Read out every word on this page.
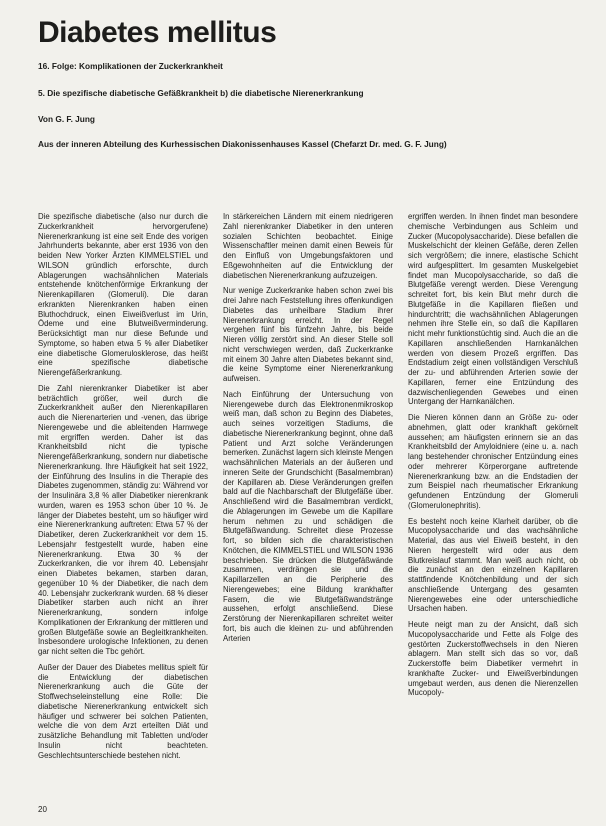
Diabetes mellitus

16. Folge: Komplikationen der Zuckerkrankheit

5. Die spezifische diabetische Gefäßkrankheit b) die diabetische Nierenerkrankung

Von G. F. Jung

Aus der inneren Abteilung des Kurhessischen Diakonissenhauses Kassel (Chefarzt Dr. med. G. F. Jung)

Die spezifische diabetische (also nur durch die Zuckerkrankheit hervorgerufene) Nierenerkrankung ist eine seit Ende des vorigen Jahrhunderts bekannte, aber erst 1936 von den beiden New Yorker Ärzten KIMMELSTIEL und WILSON gründlich erforschte, durch Ablagerungen wachsähnlichen Materials entstehende knötchenförmige Erkrankung der Nierenkapillaren (Glomeruli). Die daran erkrankten Nierenkranken haben einen Bluthochdruck, einen Eiweißverlust im Urin, Ödeme und eine Blutweißverminderung. Berücksichtigt man nur diese Befunde und Symptome, so haben etwa 5 % aller Diabetiker eine diabetische Glomerulosklerose, das heißt eine spezifische diabetische Nierengefäßerkrankung.

Die Zahl nierenkranker Diabetiker ist aber beträchtlich größer, weil durch die Zuckerkrankheit außer den Nierenkapillaren auch die Nierenarterien und -venen, das übrige Nierengewebe und die ableitenden Harnwege mit ergriffen werden. Daher ist das Krankheitsbild nicht die typische Nierengefäßerkrankung, sondern nur diabetische Nierenerkrankung. Ihre Häufigkeit hat seit 1922, der Einführung des Insulins in die Therapie des Diabetes zugenommen, ständig zu: Während vor der Insulinära 3,8 % aller Diabetiker nierenkrank wurden, waren es 1953 schon über 10 %. Je länger der Diabetes besteht, um so häufiger wird eine Nierenerkrankung auftreten: Etwa 57 % der Diabetiker, deren Zuckerkrankheit vor dem 15. Lebensjahr festgestellt wurde, haben eine Nierenerkrankung. Etwa 30 % der Zuckerkranken, die vor ihrem 40. Lebensjahr einen Diabetes bekamen, starben daran, gegenüber 10 % der Diabetiker, die nach dem 40. Lebensjahr zuckerkrank wurden. 68 % dieser Diabetiker starben auch nicht an ihrer Nierenerkrankung, sondern infolge Komplikationen der Erkrankung der mittleren und großen Blutgefäße sowie an Begleitkrankheiten. Insbesondere urologische Infektionen, zu denen gar nicht selten die Tbc gehört.

Außer der Dauer des Diabetes mellitus spielt für die Entwicklung der diabetischen Nierenerkrankung auch die Güte der Stoffwechseleinstellung eine Rolle: Die diabetische Nierenerkrankung entwickelt sich häufiger und schwerer bei solchen Patienten, welche die von dem Arzt erteilten Diät und zusätzliche Behandlung mit Tabletten und/oder Insulin nicht beachteten. Geschlechtsunterschiede bestehen nicht.

In stärkereichen Ländern mit einem niedrigeren Zahl nierenkranker Diabetiker in den unteren sozialen Schichten beobachtet. Einige Wissenschaftler meinen damit einen Beweis für den Einfluß von Umgebungsfaktoren und Eßgewohnheiten auf die Entwicklung der diabetischen Nierenerkrankung aufzuzeigen.

Nur wenige Zuckerkranke haben schon zwei bis drei Jahre nach Feststellung ihres offenkundigen Diabetes das unheilbare Stadium ihrer Nierenerkrankung erreicht. In der Regel vergehen fünf bis fünfzehn Jahre, bis beide Nieren völlig zerstört sind. An dieser Stelle soll nicht verschwiegen werden, daß Zuckerkranke mit einem 30 Jahre alten Diabetes bekannt sind, die keine Symptome einer Nierenerkrankung aufweisen.

Nach Einführung der Untersuchung von Nierengewebe durch das Elektronenmikroskop weiß man, daß schon zu Beginn des Diabetes, auch seines vorzeitigen Stadiums, die diabetische Nierenerkrankung beginnt, ohne daß Patient und Arzt solche Veränderungen bemerken. Zunächst lagern sich kleinste Mengen wachsähnlichen Materials an der äußeren und inneren Seite der Grundschicht (Basalmembran) der Kapillaren ab. Diese Veränderungen greifen bald auf die Nachbarschaft der Blutgefäße über. Anschließend wird die Basalmembran verdickt, die Ablagerungen im Gewebe um die Kapillare herum nehmen zu und schädigen die Blutgefäßwandung. Schreitet diese Prozesse fort, so bilden sich die charakteristischen Knötchen, die KIMMELSTIEL und WILSON 1936 beschrieben. Sie drücken die Blutgefäßwände zusammen, verdrängen sie und die Kapillarzellen an die Peripherie des Nierengewebes; eine Bildung krankhafter Fasern, die wie Blutgefäßwandstränge aussehen, erfolgt anschließend. Diese Zerstörung der Nierenkapillaren schreitet weiter fort, bis auch die kleinen zu- und abführenden Arterien

ergriffen werden. In ihnen findet man besondere chemische Verbindungen aus Schleim und Zucker (Mucopolysaccharide). Diese befallen die Muskelschicht der kleinen Gefäße, deren Zellen sich vergrößern; die innere, elastische Schicht wird aufgesplittert. Im gesamten Muskelgebiet findet man Mucopolysaccharide, so daß die Blutgefäße verengt werden. Diese Verengung schreitet fort, bis kein Blut mehr durch die Blutgefäße in die Kapillaren fließen und hindurchtritt; die wachsähnlichen Ablagerungen nehmen ihre Stelle ein, so daß die Kapillaren nicht mehr funktionstüchtig sind. Auch die an die Kapillaren anschließenden Harnkanälchen werden von diesem Prozeß ergriffen. Das Endstadium zeigt einen vollständigen Verschluß der zu- und abführenden Arterien sowie der Kapillaren, ferner eine Entzündung des dazwischenliegenden Gewebes und einen Untergang der Harnkanälchen.

Die Nieren können dann an Größe zu- oder abnehmen, glatt oder krankhaft gekörnelt aussehen; am häufigsten erinnern sie an das Krankheitsbild der Amyloidniere (eine u. a. nach lang bestehender chronischer Entzündung eines oder mehrerer Körperorgane auftretende Nierenerkrankung bzw. an die Endstadien der zum Beispiel nach rheumatischer Erkrankung gefundenen Entzündung der Glomeruli (Glomerulonephritis).

Es besteht noch keine Klarheit darüber, ob die Mucopolysaccharide und das wachsähnliche Material, das aus viel Eiweiß besteht, in den Nieren hergestellt wird oder aus dem Blutkreislauf stammt. Man weiß auch nicht, ob die zunächst an den einzelnen Kapillaren stattfindende Knötchenbildung und der sich anschließende Untergang des gesamten Nierengewebes eine oder unterschiedliche Ursachen haben.

Heute neigt man zu der Ansicht, daß sich Mucopolysaccharide und Fette als Folge des gestörten Zuckerstoffwechsels in den Nieren ablagern. Man stellt sich das so vor, daß Zuckerstoffe beim Diabetiker vermehrt in krankhafte Zucker- und Eiweißverbindungen umgebaut werden, aus denen die Nierenzellen Mucopoly-

20
